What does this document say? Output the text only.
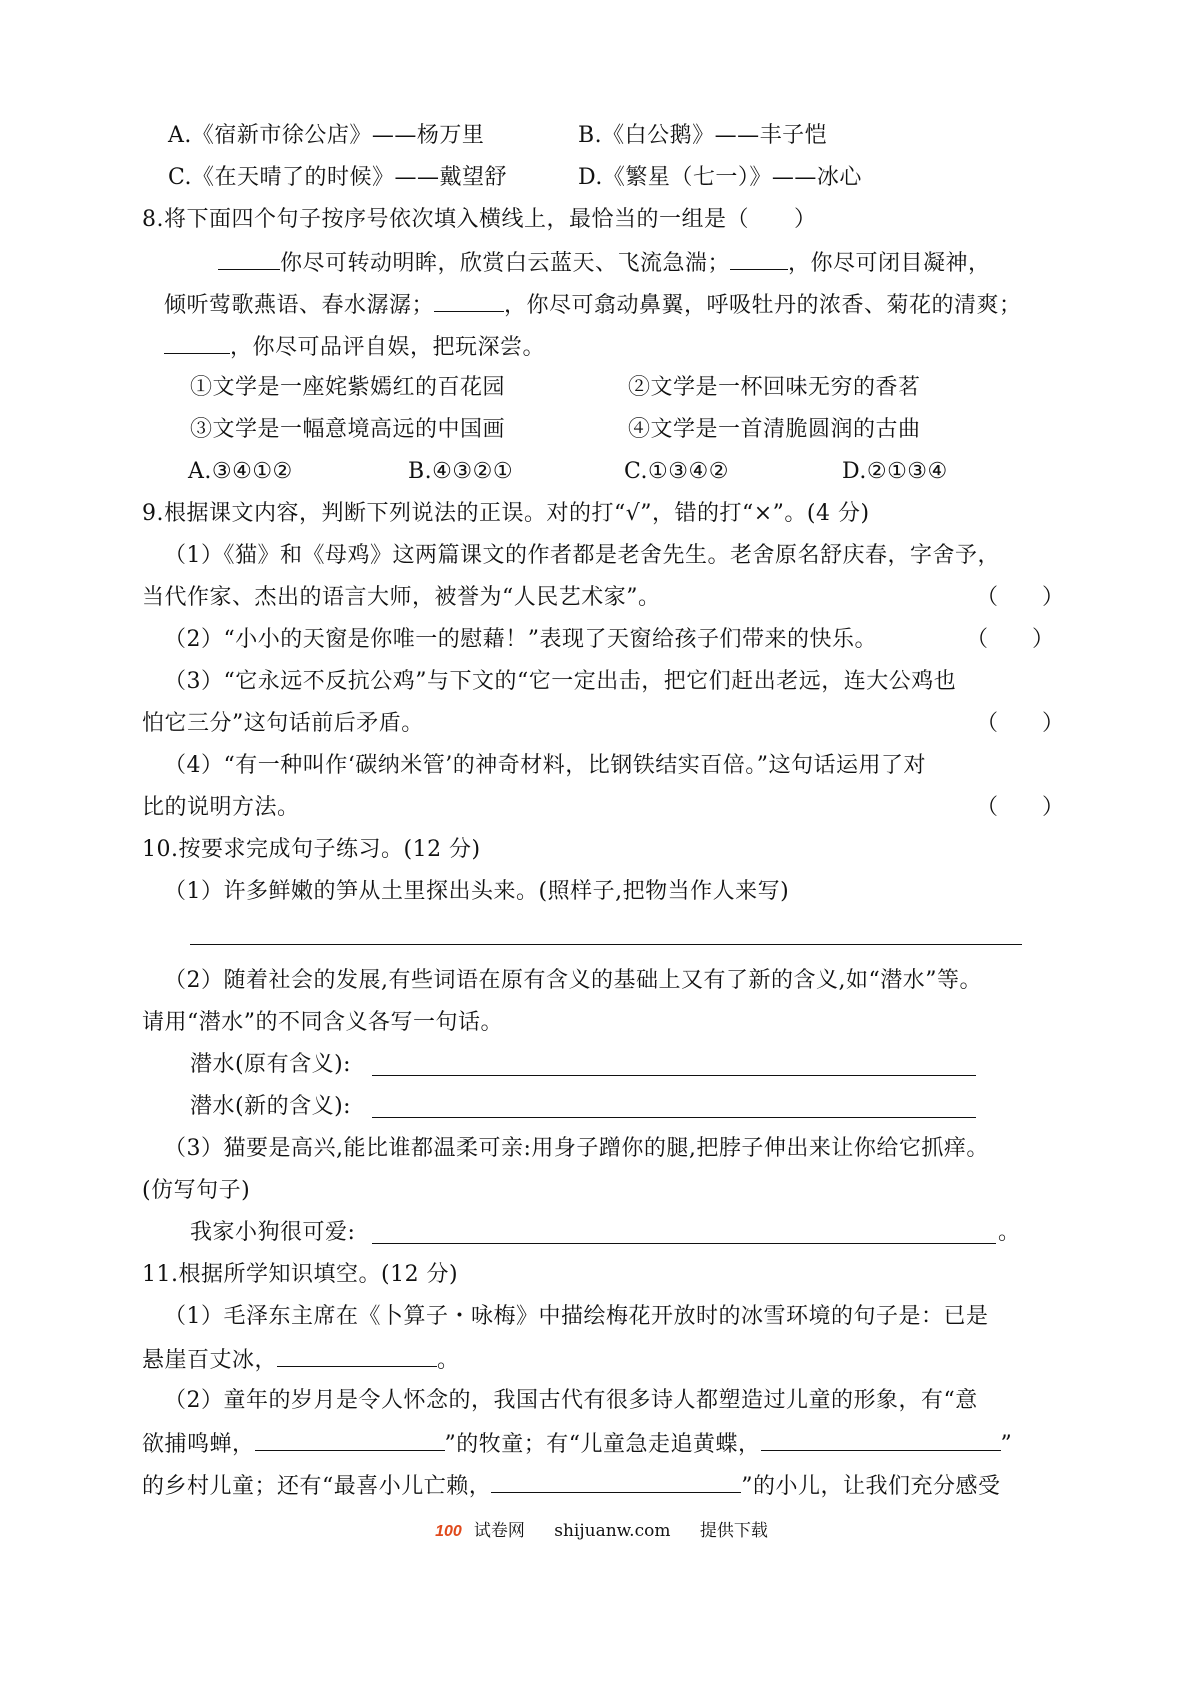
A.《宿新市徐公店》——杨万里	B.《白公鹅》——丰子恺
C.《在天晴了的时候》——戴望舒	D.《繁星（七一）》——冰心
8.将下面四个句子按序号依次填入横线上，最恰当的一组是（　　）
你尽可转动明眸，欣赏白云蓝天、飞流急湍；	，你尽可闭目凝神，
倾听莺歌燕语、春水潺潺；	，你尽可翕动鼻翼，呼吸牡丹的浓香、菊花的清爽；
，你尽可品评自娱，把玩深尝。
①文学是一座姹紫嫣红的百花园	②文学是一杯回味无穷的香茗
③文学是一幅意境高远的中国画	④文学是一首清脆圆润的古曲
A.③④①②	B.④③②①	C.①③④②	D.②①③④
9.根据课文内容，判断下列说法的正误。对的打“√”，错的打“×”。(4 分)
（1）《猫》和《母鸡》这两篇课文的作者都是老舍先生。老舍原名舒庆春，字舍予，
当代作家、杰出的语言大师，被誉为“人民艺术家”。	（　　）
（2）“小小的天窗是你唯一的慰藉！”表现了天窗给孩子们带来的快乐。	（　　）
（3）“它永远不反抗公鸡”与下文的“它一定出击，把它们赶出老远，连大公鸡也
怕它三分”这句话前后矛盾。	（　　）
（4）“有一种叫作‘碳纳米管’的神奇材料，比钢铁结实百倍。”这句话运用了对
比的说明方法。	（　　）
10.按要求完成句子练习。(12 分)
（1）许多鲜嫩的笋从土里探出头来。(照样子,把物当作人来写)
（2）随着社会的发展,有些词语在原有含义的基础上又有了新的含义,如“潜水”等。
请用“潜水”的不同含义各写一句话。
潜水(原有含义):
潜水(新的含义):
（3）猫要是高兴,能比谁都温柔可亲:用身子蹭你的腿,把脖子伸出来让你给它抓痒。
(仿写句子)
我家小狗很可爱:	。
11.根据所学知识填空。(12 分)
（1）毛泽东主席在《卜算子・咏梅》中描绘梅花开放时的冰雪环境的句子是：已是
悬崖百丈冰，	。
（2）童年的岁月是令人怀念的，我国古代有很多诗人都塑造过儿童的形象，有“意
欲捕鸣蝉，	”的牧童；有“儿童急走追黄蝶，	”
的乡村儿童；还有“最喜小儿亡赖，	”的小儿，让我们充分感受
100 试卷网 shijuanw.com 提供下载
